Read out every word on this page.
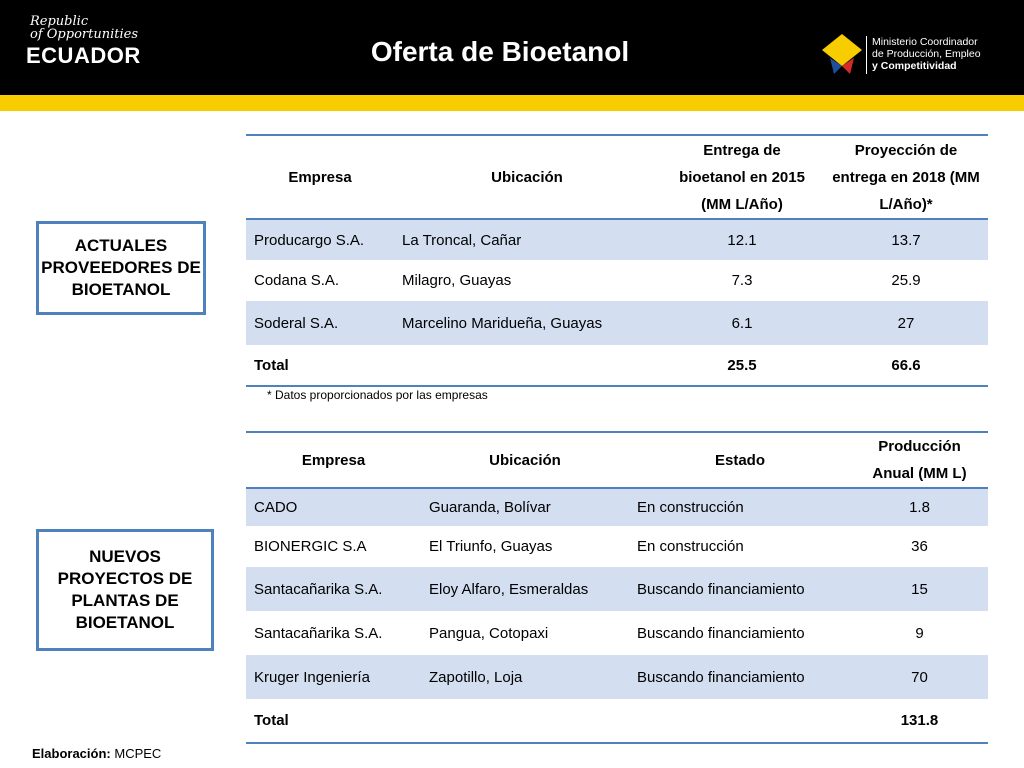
Republic
of Opportunities
ECUADOR	Oferta de Bioetanol	Ministerio Coordinador
de Producción, Empleo
y Competitividad
ACTUALES PROVEEDORES DE BIOETANOL
NUEVOS PROYECTOS DE PLANTAS DE BIOETANOL
Empresa	Ubicación	Entrega de bioetanol en 2015 (MM L/Año)	Proyección de entrega en 2018 (MM L/Año)*
Producargo S.A.	La Troncal, Cañar	12.1	13.7
Codana S.A.	Milagro, Guayas	7.3	25.9
Soderal S.A.	Marcelino Maridueña, Guayas	6.1	27
Total		25.5	66.6
* Datos proporcionados por las empresas
Empresa	Ubicación	Estado	Producción Anual (MM L)
CADO	Guaranda, Bolívar	En construcción	1.8
BIONERGIC S.A	El Triunfo, Guayas	En construcción	36
Santacañarika S.A.	Eloy Alfaro, Esmeraldas	Buscando financiamiento	15
Santacañarika S.A.	Pangua, Cotopaxi	Buscando financiamiento	9
Kruger Ingeniería	Zapotillo, Loja	Buscando financiamiento	70
Total			131.8
Elaboración: MCPEC
